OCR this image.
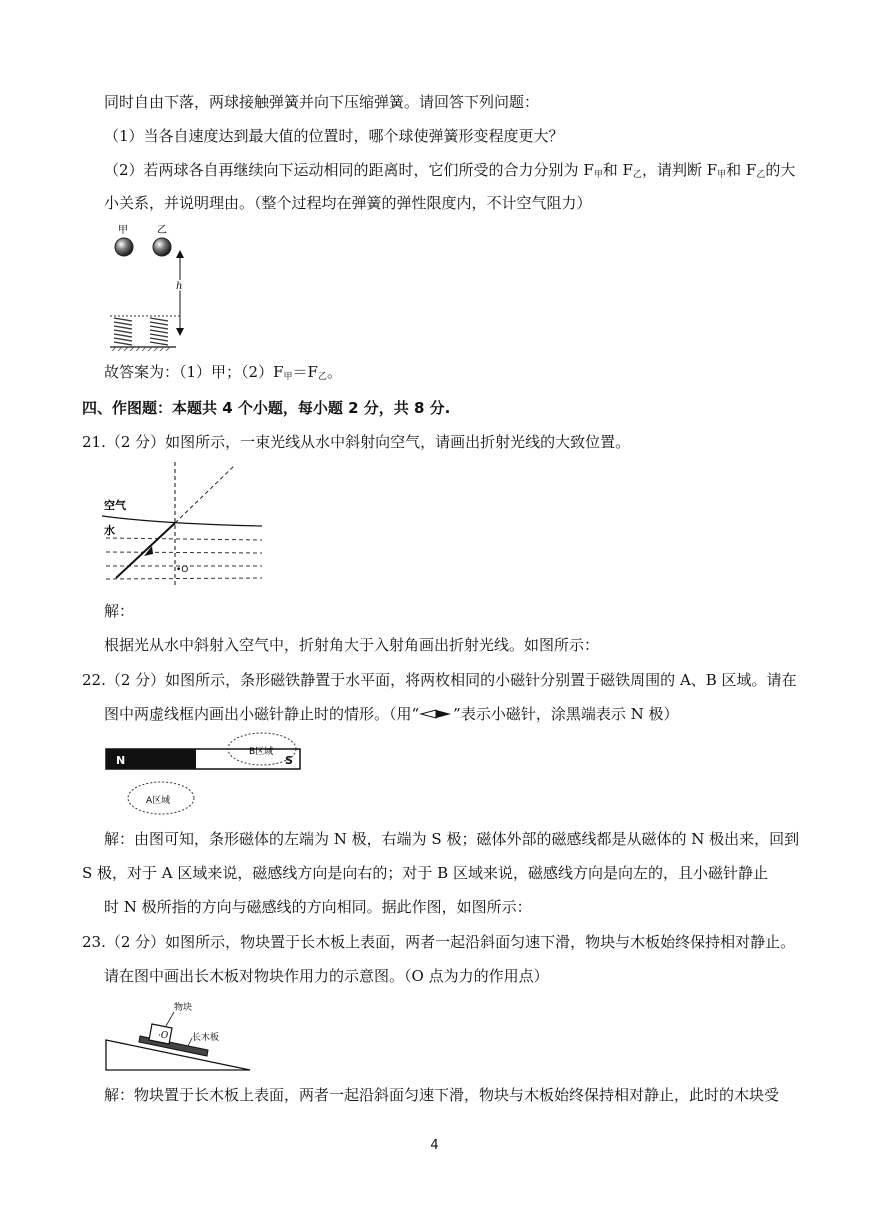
同时自由下落，两球接触弹簧并向下压缩弹簧。请回答下列问题：
（1）当各自速度达到最大值的位置时，哪个球使弹簧形变程度更大？
（2）若两球各自再继续向下运动相同的距离时，它们所受的合力分别为 $F_甲$和 $F_乙$，请判断 $F_甲$和 $F_乙$的大
小关系，并说明理由。（整个过程均在弹簧的弹性限度内，不计空气阻力）
甲	乙
h
故答案为：（1）甲；$(2)F_甲=F_乙$。
四、作图题：本题共 4 个小题，每小题 2 分，共 8 分.
21.（2 分）如图所示，一束光线从水中斜射向空气，请画出折射光线的大致位置。
空气
水
•O
解：
根据光从水中斜射入空气中，折射角大于入射角画出折射光线。如图所示：
22.（2 分）如图所示，条形磁铁静置于水平面，将两枚相同的小磁针分别置于磁铁周围的 A、B 区域。请在
图中两虚线框内画出小磁针静止时的情形。（用“ ”表示小磁针，涂黑端表示 N 极）
N	S
A区域
B区域
解：由图可知，条形磁体的左端为 N 极，右端为 S 极；磁体外部的磁感线都是从磁体的 N 极出来，回到
S 极，对于 A 区域来说，磁感线方向是向右的；对于 B 区域来说，磁感线方向是向左的，且小磁针静止
时 N 极所指的方向与磁感线的方向相同。据此作图，如图所示：
23.（2 分）如图所示，物块置于长木板上表面，两者一起沿斜面匀速下滑，物块与木板始终保持相对静止。
请在图中画出长木板对物块作用力的示意图。（O 点为力的作用点）
·O
物块
长木板
解：物块置于长木板上表面，两者一起沿斜面匀速下滑，物块与木板始终保持相对静止，此时的木块受
4
